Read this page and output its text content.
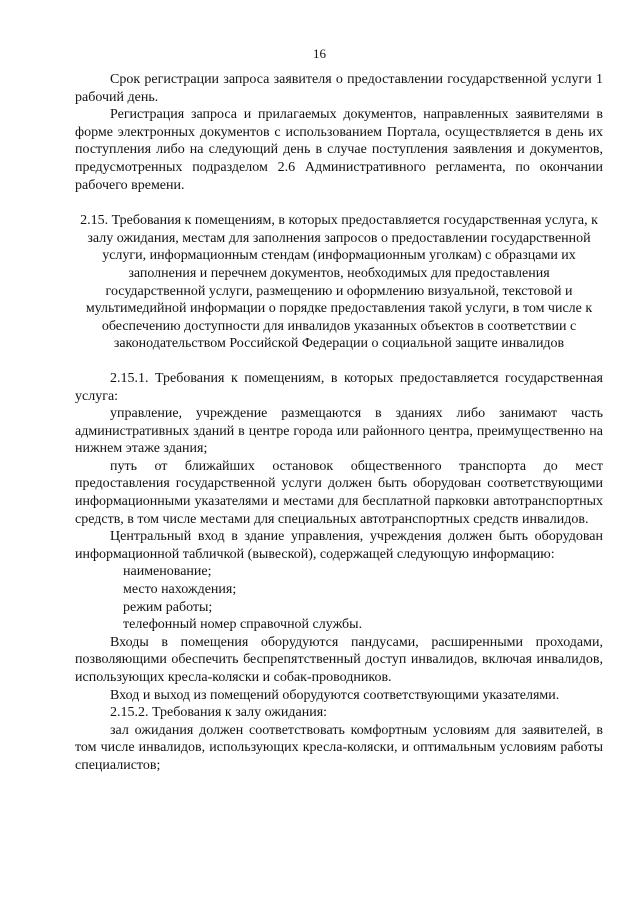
16

Срок регистрации запроса заявителя о предоставлении государственной услуги 1 рабочий день.

Регистрация запроса и прилагаемых документов, направленных заявителями в форме электронных документов с использованием Портала, осуществляется в день их поступления либо на следующий день в случае поступления заявления и документов, предусмотренных подразделом 2.6 Административного регламента, по окончании рабочего времени.

2.15. Требования к помещениям, в которых предоставляется государственная услуга, к залу ожидания, местам для заполнения запросов о предоставлении государственной услуги, информационным стендам (информационным уголкам) с образцами их заполнения и перечнем документов, необходимых для предоставления государственной услуги, размещению и оформлению визуальной, текстовой и мультимедийной информации о порядке предоставления такой услуги, в том числе к обеспечению доступности для инвалидов указанных объектов в соответствии с законодательством Российской Федерации о социальной защите инвалидов

2.15.1. Требования к помещениям, в которых предоставляется государственная услуга:

управление, учреждение размещаются в зданиях либо занимают часть административных зданий в центре города или районного центра, преимущественно на нижнем этаже здания;

путь от ближайших остановок общественного транспорта до мест предоставления государственной услуги должен быть оборудован соответствующими информационными указателями и местами для бесплатной парковки автотранспортных средств, в том числе местами для специальных автотранспортных средств инвалидов.

Центральный вход в здание управления, учреждения должен быть оборудован информационной табличкой (вывеской), содержащей следующую информацию:

наименование;
место нахождения;
режим работы;
телефонный номер справочной службы.

Входы в помещения оборудуются пандусами, расширенными проходами, позволяющими обеспечить беспрепятственный доступ инвалидов, включая инвалидов, использующих кресла-коляски и собак-проводников.

Вход и выход из помещений оборудуются соответствующими указателями.

2.15.2. Требования к залу ожидания:

зал ожидания должен соответствовать комфортным условиям для заявителей, в том числе инвалидов, использующих кресла-коляски, и оптимальным условиям работы специалистов;
